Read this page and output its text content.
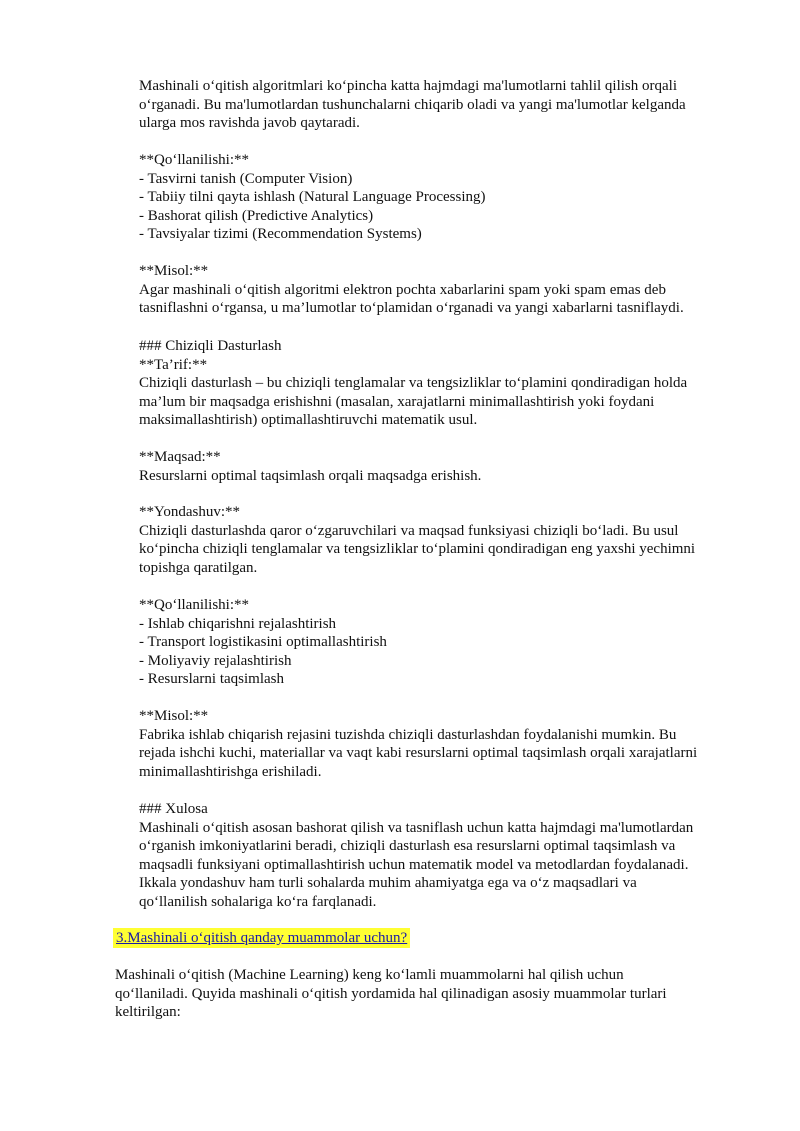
Mashinali o‘qitish algoritmlari ko‘pincha katta hajmdagi ma'lumotlarni tahlil qilish orqali
o‘rganadi. Bu ma'lumotlardan tushunchalarni chiqarib oladi va yangi ma'lumotlar kelganda
ularga mos ravishda javob qaytaradi.
**Qo‘llanilishi:**
- Tasvirni tanish (Computer Vision)
- Tabiiy tilni qayta ishlash (Natural Language Processing)
- Bashorat qilish (Predictive Analytics)
- Tavsiyalar tizimi (Recommendation Systems)
**Misol:**
Agar mashinali o‘qitish algoritmi elektron pochta xabarlarini spam yoki spam emas deb
tasniflashni o‘rgansa, u ma’lumotlar to‘plamidan o‘rganadi va yangi xabarlarni tasniflaydi.
### Chiziqli Dasturlash
**Ta’rif:**
Chiziqli dasturlash – bu chiziqli tenglamalar va tengsizliklar to‘plamini qondiradigan holda
ma’lum bir maqsadga erishishni (masalan, xarajatlarni minimallashtirish yoki foydani
maksimallashtirish) optimallashtiruvchi matematik usul.
**Maqsad:**
Resurslarni optimal taqsimlash orqali maqsadga erishish.
**Yondashuv:**
Chiziqli dasturlashda qaror o‘zgaruvchilari va maqsad funksiyasi chiziqli bo‘ladi. Bu usul
ko‘pincha chiziqli tenglamalar va tengsizliklar to‘plamini qondiradigan eng yaxshi yechimni
topishga qaratilgan.
**Qo‘llanilishi:**
- Ishlab chiqarishni rejalashtirish
- Transport logistikasini optimallashtirish
- Moliyaviy rejalashtirish
- Resurslarni taqsimlash
**Misol:**
Fabrika ishlab chiqarish rejasini tuzishda chiziqli dasturlashdan foydalanishi mumkin. Bu
rejada ishchi kuchi, materiallar va vaqt kabi resurslarni optimal taqsimlash orqali xarajatlarni
minimallashtirishga erishiladi.
### Xulosa
Mashinali o‘qitish asosan bashorat qilish va tasniflash uchun katta hajmdagi ma'lumotlardan
o‘rganish imkoniyatlarini beradi, chiziqli dasturlash esa resurslarni optimal taqsimlash va
maqsadli funksiyani optimallashtirish uchun matematik model va metodlardan foydalanadi.
Ikkala yondashuv ham turli sohalarda muhim ahamiyatga ega va o‘z maqsadlari va
qo‘llanilish sohalariga ko‘ra farqlanadi.
3.Mashinali o‘qitish qanday muammolar uchun?
Mashinali o‘qitish (Machine Learning) keng ko‘lamli muammolarni hal qilish uchun
qo‘llaniladi. Quyida mashinali o‘qitish yordamida hal qilinadigan asosiy muammolar turlari
keltirilgan:
